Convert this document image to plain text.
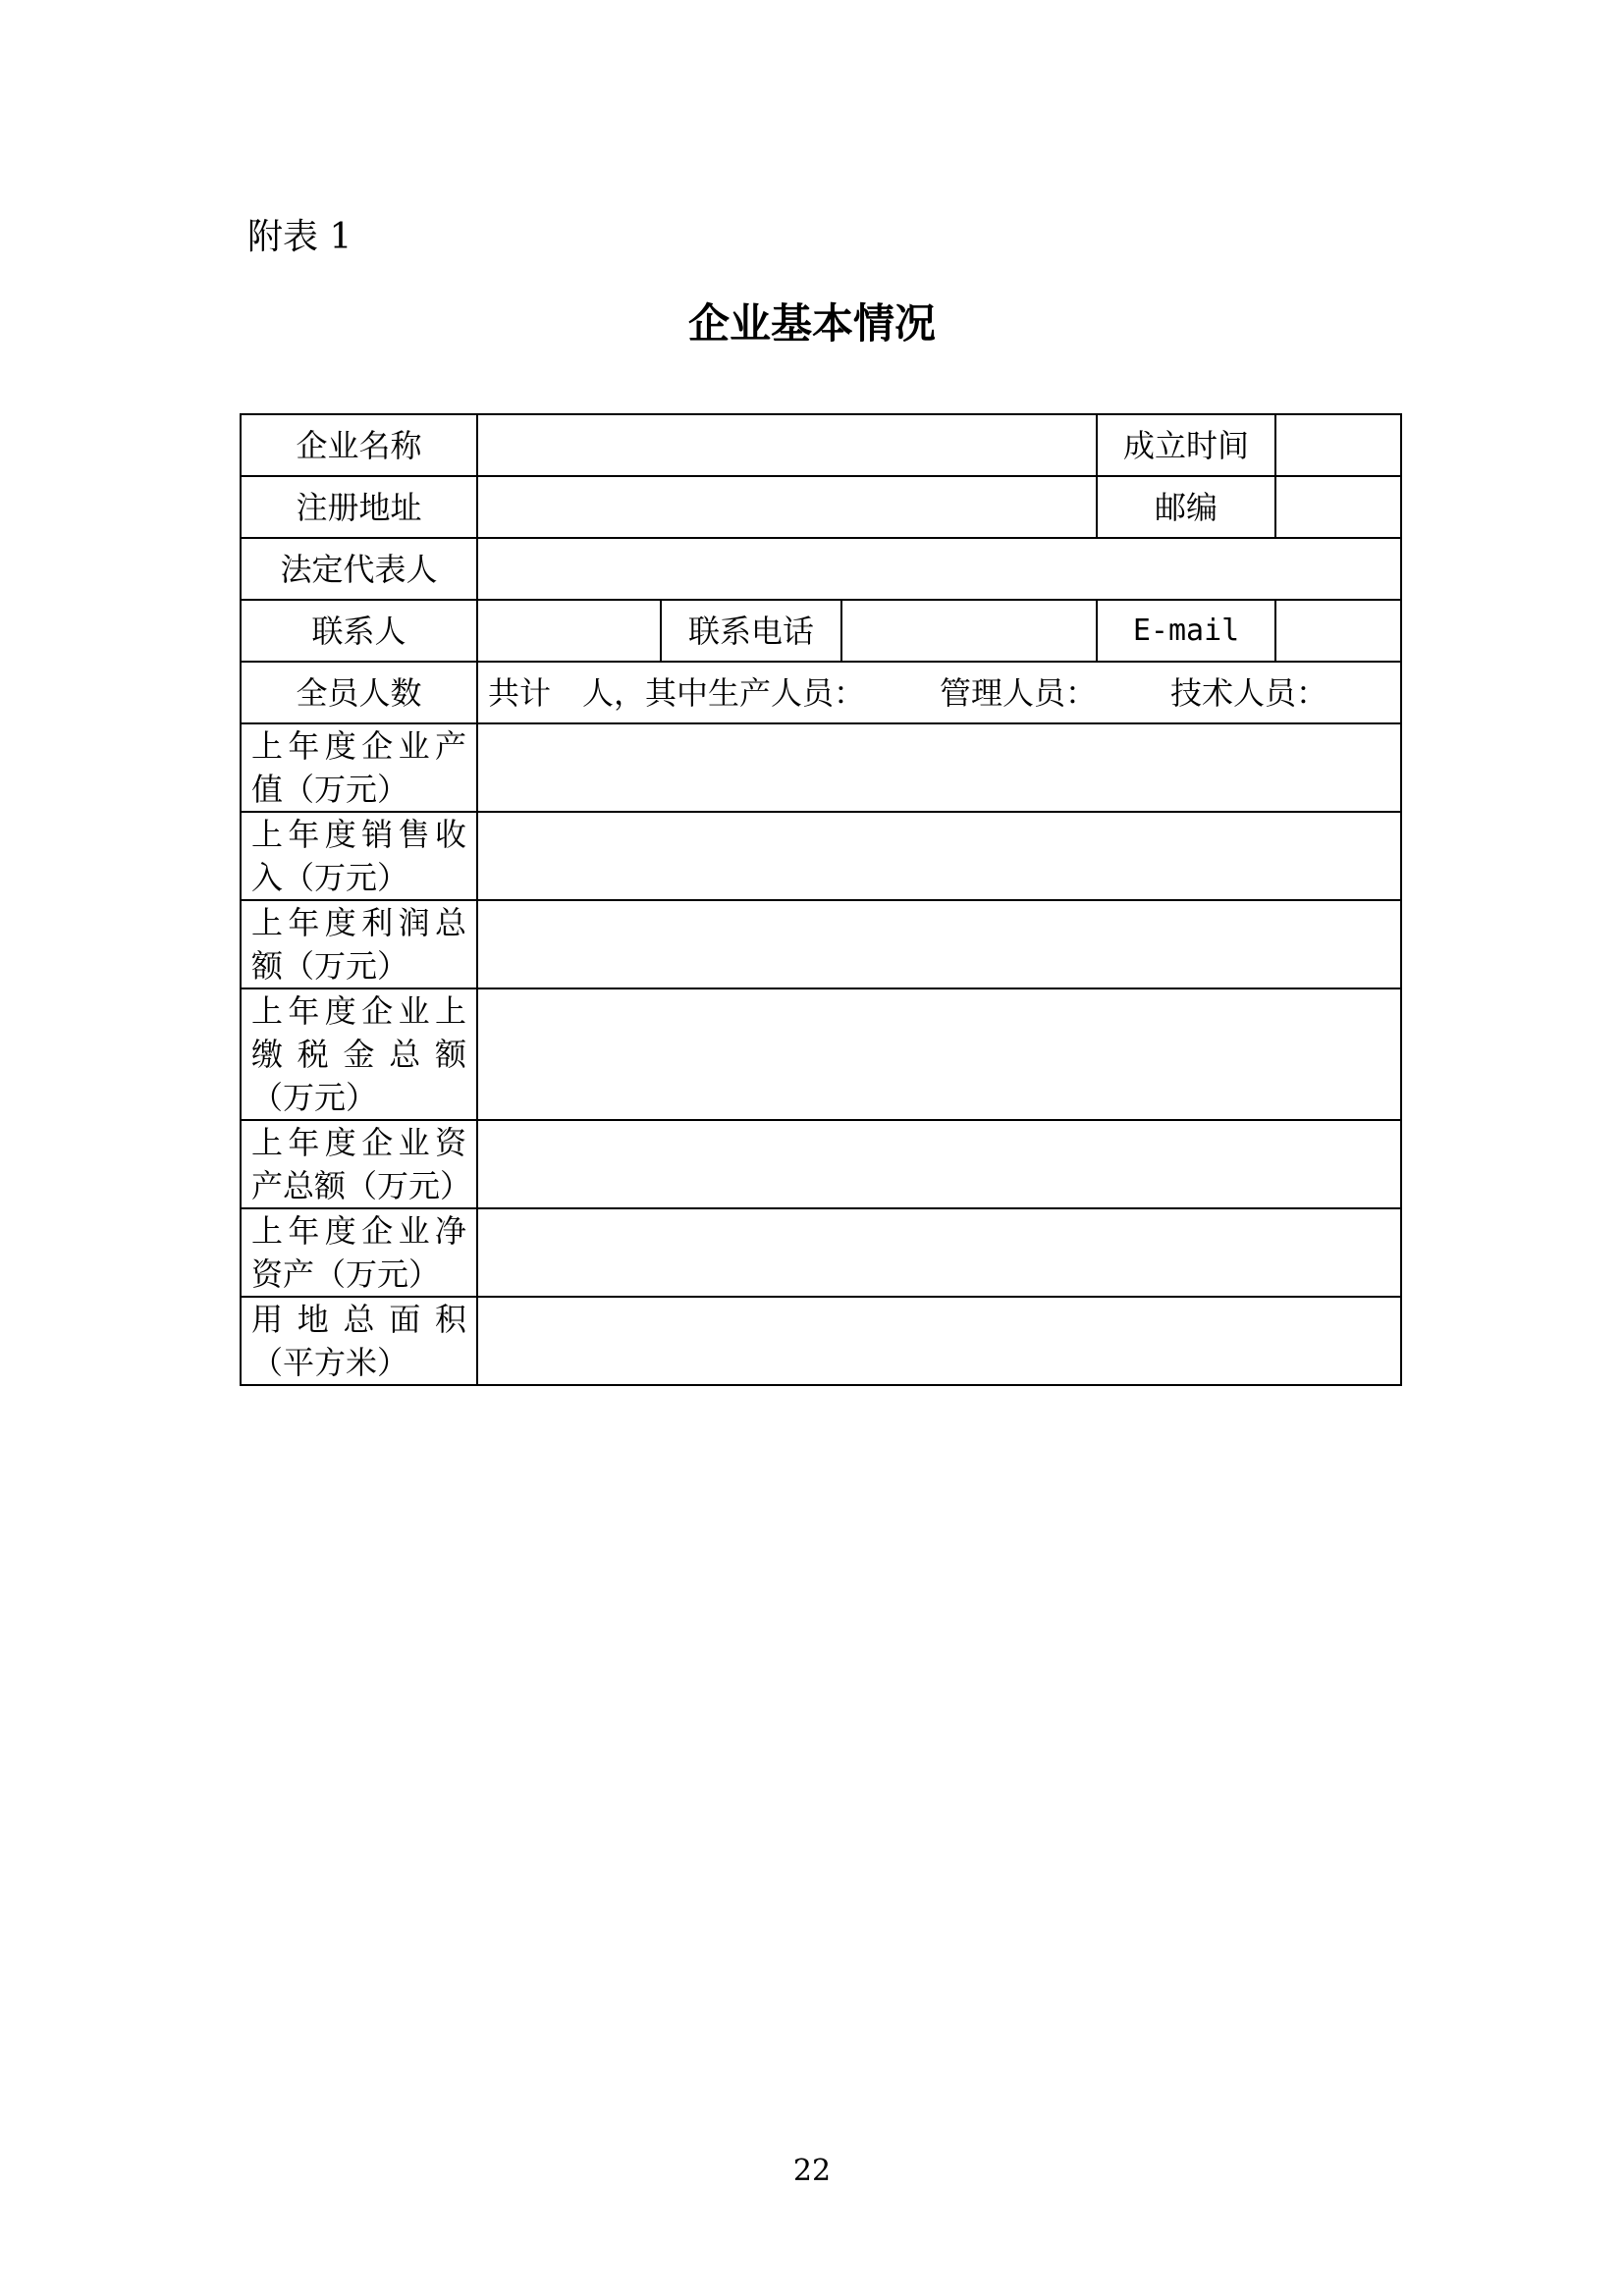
附表 1
企业基本情况
企业名称				成立时间	
注册地址				邮编	
法定代表人					
联系人		联系电话		E-mail	
全员人数	共计　人，其中生产人员： 管理人员： 技术人员：				
上年度企业产值（万元）					
上年度销售收入（万元）					
上年度利润总额（万元）					
上年度企业上缴税金总额（万元）					
上年度企业资产总额（万元）					
上年度企业净资产（万元）					
用地总面积（平方米）					
22
